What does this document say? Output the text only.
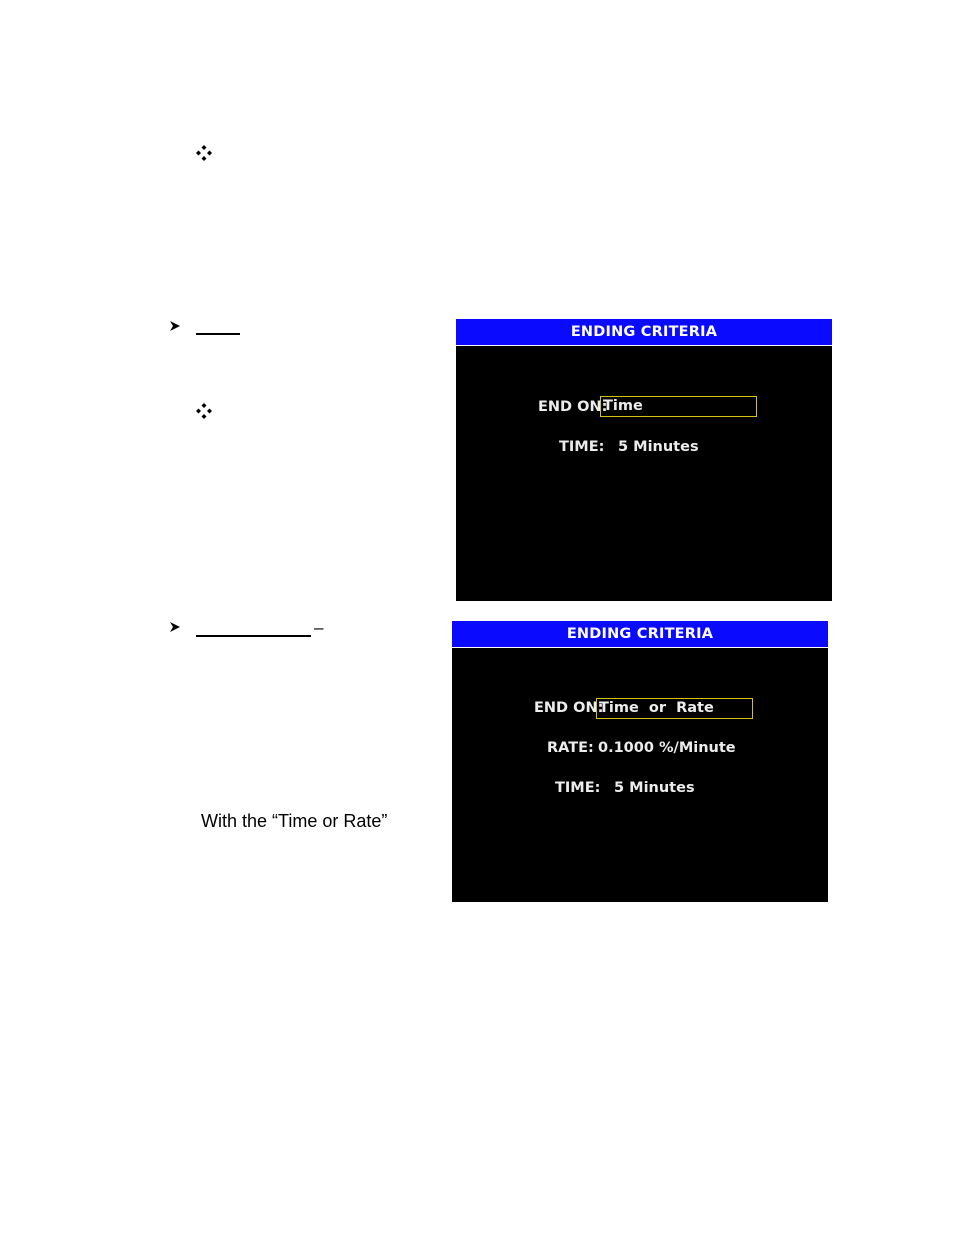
ENDING CRITERIA
END ON:
Time
TIME: 5 Minutes
–	ENDING CRITERIA
END ON:
Time  or  Rate
RATE: 0.1000 %/Minute
TIME: 5 Minutes
With the “Time or Rate”
